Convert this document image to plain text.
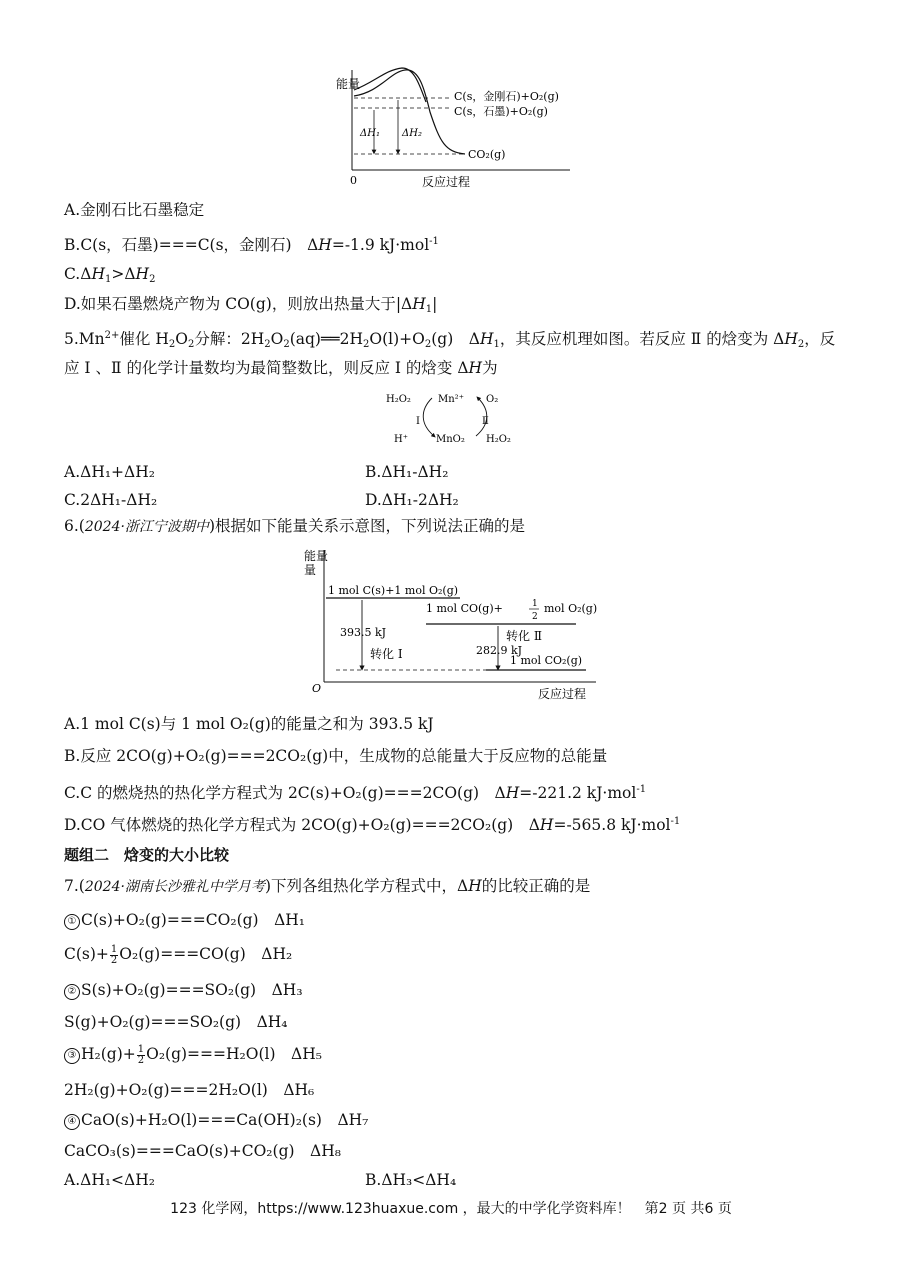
能量
0	反应过程
ΔH₁ ΔH₂
C(s，金刚石)+O₂(g)
C(s，石墨)+O₂(g)
CO₂(g)
A.金刚石比石墨稳定
B.C(s，石墨)===C(s，金刚石)　ΔH=-1.9 kJ·mol$^{-1}$
$C.\Delta H_1>\Delta H_2$
D.如果石墨燃烧产物为 CO(g)，则放出热量大于$|\Delta H_1|$
$5.Mn^{2+}$催化 $H_2O_2$分解：$2H_2O_2(aq)══2H_2O(l)+O_2(g)$　$\Delta H_1$，其反应机理如图。若反应 Ⅱ 的焓变为 $\Delta H_2$，反
应 Ⅰ 、Ⅱ 的化学计量数均为最简整数比，则反应 Ⅰ 的焓变 ΔH为
H₂O₂	Mn²⁺ O₂
Ⅰ	Ⅱ
H⁺	MnO₂ H₂O₂
A.ΔH₁+ΔH₂	B.ΔH₁-ΔH₂
C.2ΔH₁-ΔH₂	D.ΔH₁-2ΔH₂
6.(2024·浙江宁波期中)根据如下能量关系示意图，下列说法正确的是
能量
量
O	反应过程
1 mol C(s)+1 mol O₂(g)
1 mol CO(g)+	1
2
mol O₂(g)
1 mol CO₂(g)
393.5 kJ
转化 Ⅰ
转化 Ⅱ
282.9 kJ
A.1 mol C(s)与 1 mol O₂(g)的能量之和为 393.5 kJ
B.反应 2CO(g)+O₂(g)===2CO₂(g)中，生成物的总能量大于反应物的总能量
C.C 的燃烧热的热化学方程式为 2C(s)+O₂(g)===2CO(g)　ΔH=-221.2 kJ·mol$^{-1}$
D.CO 气体燃烧的热化学方程式为 2CO(g)+O₂(g)===2CO₂(g)　ΔH=-565.8 kJ·mol$^{-1}$
题组二　焓变的大小比较
7.(2024·湖南长沙雅礼中学月考)下列各组热化学方程式中，ΔH的比较正确的是
① C(s)+O₂(g)===CO₂(g)　ΔH₁
$C(s)+ \frac{1}{2} O_2(g)===CO(g)$　ΔH₂
② S(s)+O₂(g)===SO₂(g)　ΔH₃
S(g)+O₂(g)===SO₂(g)　ΔH₄
③ $H_2(g)+ \frac{1}{2} O_2(g)===H_2O(l)$　ΔH₅
2H₂(g)+O₂(g)===2H₂O(l)　ΔH₆
④ CaO(s)+H₂O(l)===Ca(OH)₂(s)　ΔH₇
CaCO₃(s)===CaO(s)+CO₂(g)　ΔH₈
A.ΔH₁<ΔH₂	B.ΔH₃<ΔH₄
123 化学网，https://www.123huaxue.com ，最大的中学化学资料库！　第2 页 共6 页
